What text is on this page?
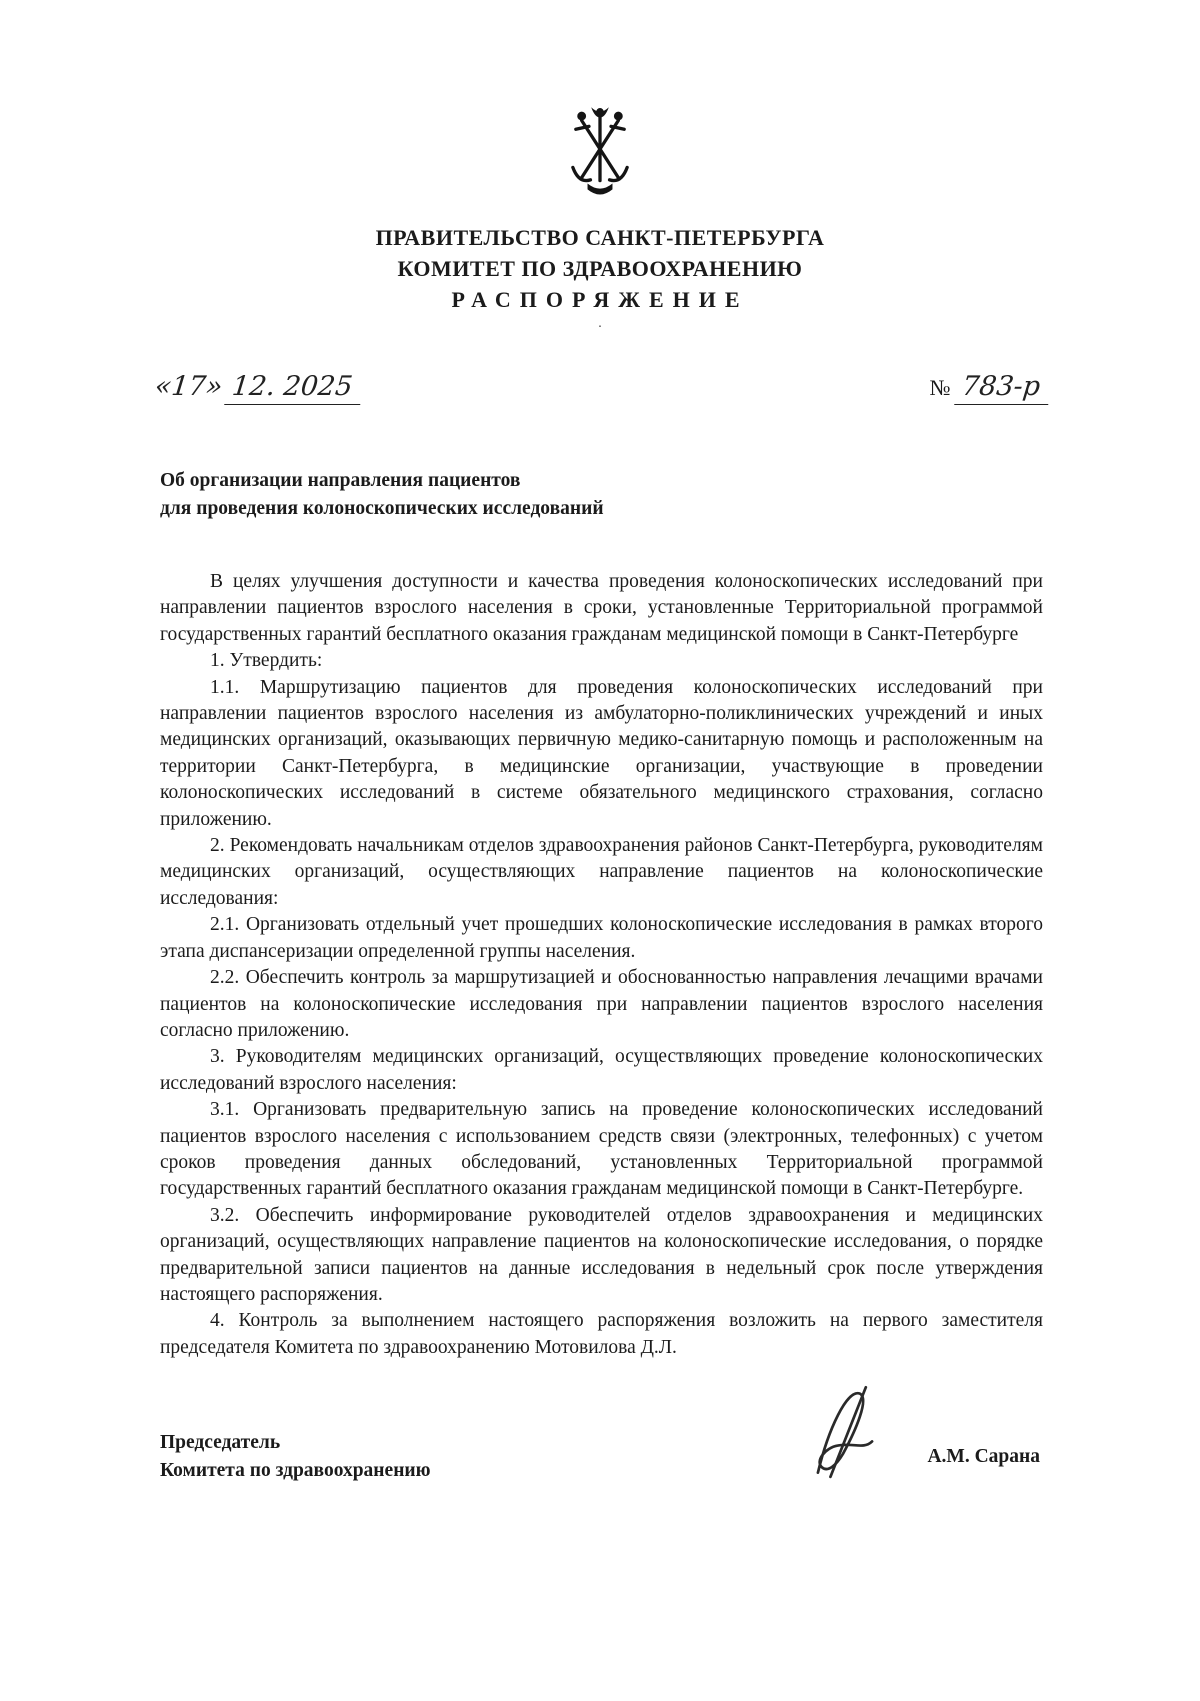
ПРАВИТЕЛЬСТВО САНКТ-ПЕТЕРБУРГА
КОМИТЕТ ПО ЗДРАВООХРАНЕНИЮ
РАСПОРЯЖЕНИЕ
.
«17» 12. 2025	№ 783-р
Об организации направления пациентов
для проведения колоноскопических исследований

В целях улучшения доступности и качества проведения колоноскопических исследований при направлении пациентов взрослого населения в сроки, установленные Территориальной программой государственных гарантий бесплатного оказания гражданам медицинской помощи в Санкт-Петербурге

1. Утвердить:

1.1. Маршрутизацию пациентов для проведения колоноскопических исследований при направлении пациентов взрослого населения из амбулаторно-поликлинических учреждений и иных медицинских организаций, оказывающих первичную медико-санитарную помощь и расположенным на территории Санкт-Петербурга, в медицинские организации, участвующие в проведении колоноскопических исследований в системе обязательного медицинского страхования, согласно приложению.

2. Рекомендовать начальникам отделов здравоохранения районов Санкт-Петербурга, руководителям медицинских организаций, осуществляющих направление пациентов на колоноскопические исследования:

2.1. Организовать отдельный учет прошедших колоноскопические исследования в рамках второго этапа диспансеризации определенной группы населения.

2.2. Обеспечить контроль за маршрутизацией и обоснованностью направления лечащими врачами пациентов на колоноскопические исследования при направлении пациентов взрослого населения согласно приложению.

3. Руководителям медицинских организаций, осуществляющих проведение колоноскопических исследований взрослого населения:

3.1. Организовать предварительную запись на проведение колоноскопических исследований пациентов взрослого населения с использованием средств связи (электронных, телефонных) с учетом сроков проведения данных обследований, установленных Территориальной программой государственных гарантий бесплатного оказания гражданам медицинской помощи в Санкт-Петербурге.

3.2. Обеспечить информирование руководителей отделов здравоохранения и медицинских организаций, осуществляющих направление пациентов на колоноскопические исследования, о порядке предварительной записи пациентов на данные исследования в недельный срок после утверждения настоящего распоряжения.

4. Контроль за выполнением настоящего распоряжения возложить на первого заместителя председателя Комитета по здравоохранению Мотовилова Д.Л.

Председатель
Комитета по здравоохранению
А.М. Сарана
